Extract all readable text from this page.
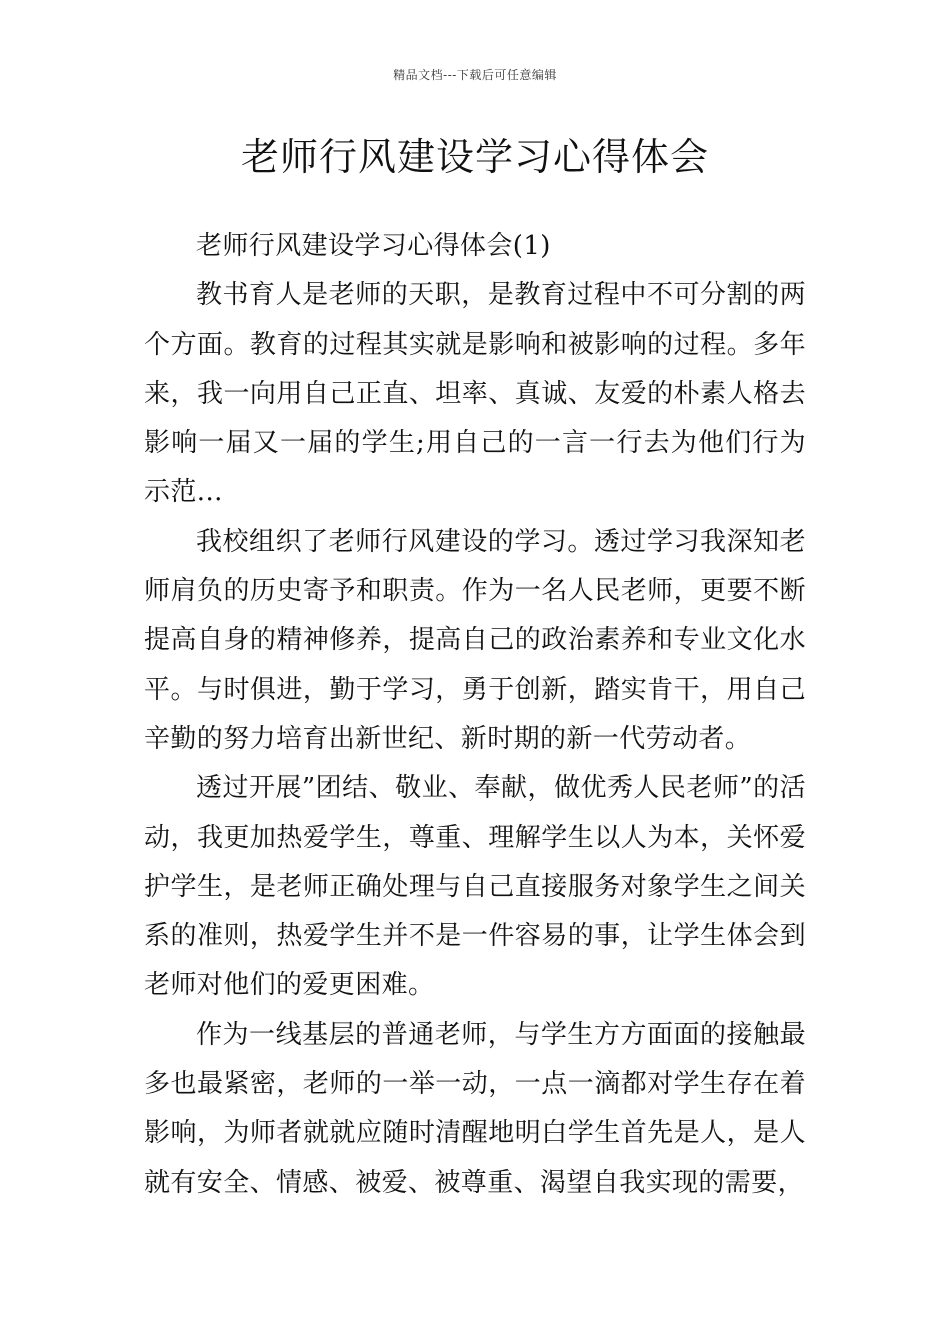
精品文档---下载后可任意编辑
老师行风建设学习心得体会

老师行风建设学习心得体会(1)

教书育人是老师的天职，是教育过程中不可分割的两个方面。教育的过程其实就是影响和被影响的过程。多年来，我一向用自己正直、坦率、真诚、友爱的朴素人格去影响一届又一届的学生;用自己的一言一行去为他们行为示范...

我校组织了老师行风建设的学习。透过学习我深知老师肩负的历史寄予和职责。作为一名人民老师，更要不断提高自身的精神修养，提高自己的政治素养和专业文化水平。与时俱进，勤于学习，勇于创新，踏实肯干，用自己辛勤的努力培育出新世纪、新时期的新一代劳动者。

透过开展”团结、敬业、奉献，做优秀人民老师”的活动，我更加热爱学生，尊重、理解学生以人为本，关怀爱护学生，是老师正确处理与自己直接服务对象学生之间关系的准则，热爱学生并不是一件容易的事，让学生体会到老师对他们的爱更困难。

作为一线基层的普通老师，与学生方方面面的接触最多也最紧密，老师的一举一动，一点一滴都对学生存在着影响，为师者就就应随时清醒地明白学生首先是人，是人就有安全、情感、被爱、被尊重、渴望自我实现的需要，
